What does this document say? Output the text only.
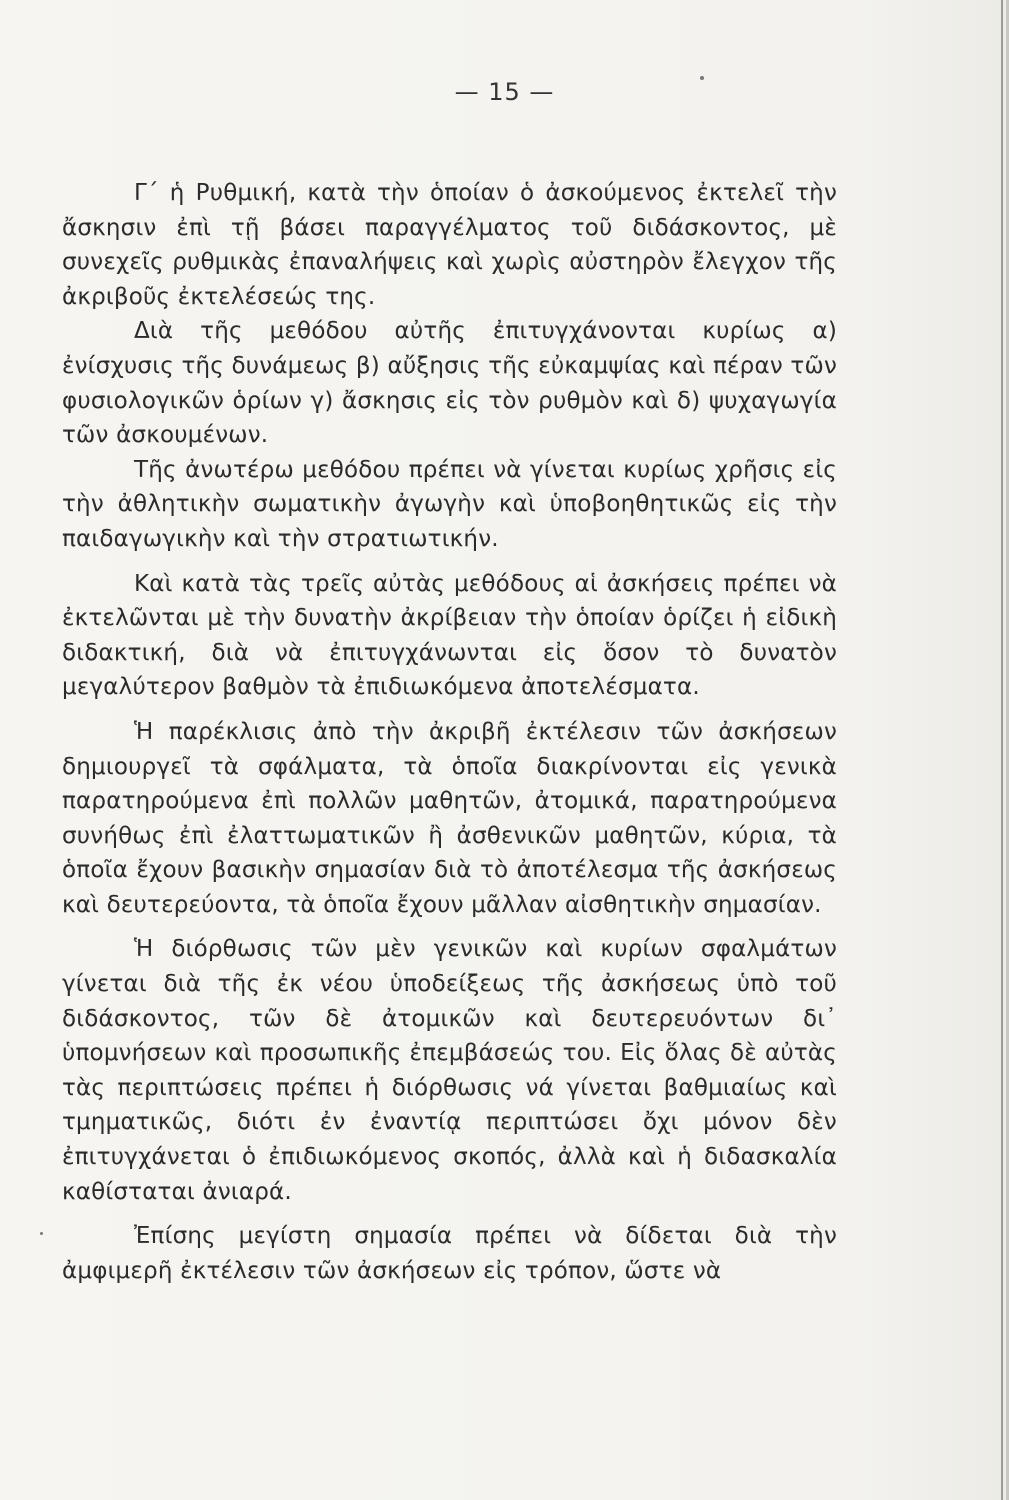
— 15 —

Γ΄ ἡ Ρυθμική, κατὰ τὴν ὁποίαν ὁ ἀσκούμενος ἐκτελεῖ τὴν ἄσκησιν ἐπὶ τῇ βάσει παραγγέλματος τοῦ διδάσκοντος, μὲ συνεχεῖς ρυθμικὰς ἐπαναλήψεις καὶ χωρὶς αὐστηρὸν ἔλεγχον τῆς ἀκριβοῦς ἐκτελέσεώς της.

Διὰ τῆς μεθόδου αὐτῆς ἐπιτυγχάνονται κυρίως α) ἐνίσχυσις τῆς δυνάμεως β) αὔξησις τῆς εὐκαμψίας καὶ πέραν τῶν φυσιολογικῶν ὁρίων γ) ἄσκησις εἰς τὸν ρυθμὸν καὶ δ) ψυχαγωγία τῶν ἀσκουμένων.

Τῆς ἀνωτέρω μεθόδου πρέπει νὰ γίνεται κυρίως χρῆσις εἰς τὴν ἀθλητικὴν σωματικὴν ἀγωγὴν καὶ ὑποβοηθητικῶς εἰς τὴν παιδαγωγικὴν καὶ τὴν στρατιωτικήν.

Καὶ κατὰ τὰς τρεῖς αὐτὰς μεθόδους αἱ ἀσκήσεις πρέπει νὰ ἐκτελῶνται μὲ τὴν δυνατὴν ἀκρίβειαν τὴν ὁποίαν ὁρίζει ἡ εἰδικὴ διδακτική, διὰ νὰ ἐπιτυγχάνωνται εἰς ὅσον τὸ δυνατὸν μεγαλύτερον βαθμὸν τὰ ἐπιδιωκόμενα ἀποτελέσματα.

Ἡ παρέκλισις ἀπὸ τὴν ἀκριβῆ ἐκτέλεσιν τῶν ἀσκήσεων δημιουργεῖ τὰ σφάλματα, τὰ ὁποῖα διακρίνονται εἰς γενικὰ παρατηρούμενα ἐπὶ πολλῶν μαθητῶν, ἀτομικά, παρατηρούμενα συνήθως ἐπὶ ἐλαττωματικῶν ἢ ἀσθενικῶν μαθητῶν, κύρια, τὰ ὁποῖα ἔχουν βασικὴν σημασίαν διὰ τὸ ἀποτέλεσμα τῆς ἀσκήσεως καὶ δευτερεύοντα, τὰ ὁποῖα ἔχουν μᾶλλαν αἰσθητικὴν σημασίαν.

Ἡ διόρθωσις τῶν μὲν γενικῶν καὶ κυρίων σφαλμάτων γίνεται διὰ τῆς ἐκ νέου ὑποδείξεως τῆς ἀσκήσεως ὑπὸ τοῦ διδάσκοντος, τῶν δὲ ἀτομικῶν καὶ δευτερευόντων δι᾿ ὑπομνήσεων καὶ προσωπικῆς ἐπεμβάσεώς του. Εἰς ὅλας δὲ αὐτὰς τὰς περιπτώσεις πρέπει ἡ διόρθωσις νά γίνεται βαθμιαίως καὶ τμηματικῶς, διότι ἐν ἐναντίᾳ περιπτώσει ὄχι μόνον δὲν ἐπιτυγχάνεται ὁ ἐπιδιωκόμενος σκοπός, ἀλλὰ καὶ ἡ διδασκαλία καθίσταται ἀνιαρά.

Ἐπίσης μεγίστη σημασία πρέπει νὰ δίδεται διὰ τὴν ἀμφιμερῆ ἐκτέλεσιν τῶν ἀσκήσεων εἰς τρόπον, ὥστε νὰ
